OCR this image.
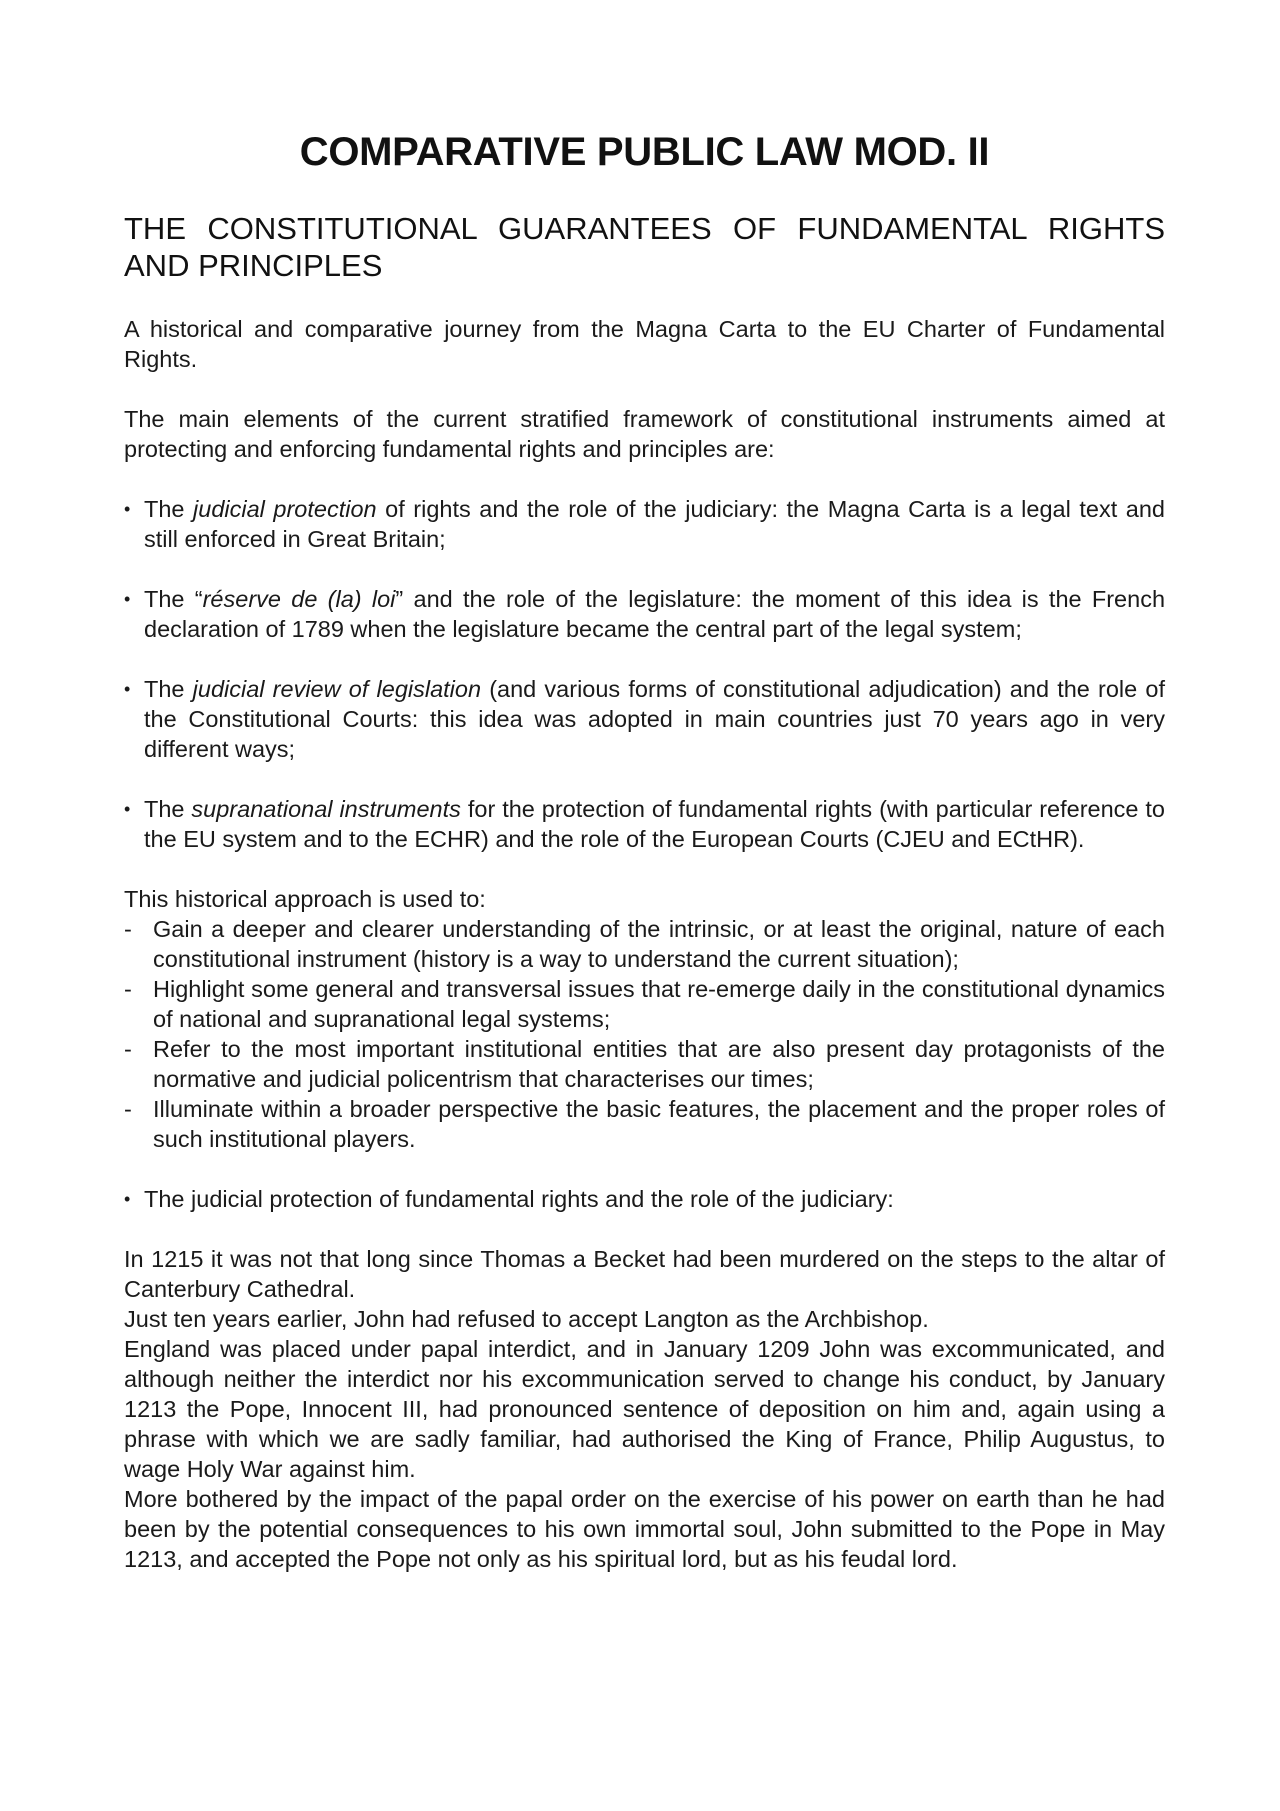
COMPARATIVE PUBLIC LAW MOD. II
THE CONSTITUTIONAL GUARANTEES OF FUNDAMENTAL RIGHTS AND PRINCIPLES

A historical and comparative journey from the Magna Carta to the EU Charter of Fundamental Rights.

The main elements of the current stratified framework of constitutional instruments aimed at protecting and enforcing fundamental rights and principles are:

• The judicial protection of rights and the role of the judiciary: the Magna Carta is a legal text and still enforced in Great Britain;
• The “réserve de (la) loi” and the role of the legislature: the moment of this idea is the French declaration of 1789 when the legislature became the central part of the legal system;
• The judicial review of legislation (and various forms of constitutional adjudication) and the role of the Constitutional Courts: this idea was adopted in main countries just 70 years ago in very different ways;
• The supranational instruments for the protection of fundamental rights (with particular reference to the EU system and to the ECHR) and the role of the European Courts (CJEU and ECtHR).

This historical approach is used to:

- Gain a deeper and clearer understanding of the intrinsic, or at least the original, nature of each constitutional instrument (history is a way to understand the current situation);
- Highlight some general and transversal issues that re-emerge daily in the constitutional dynamics of national and supranational legal systems;
- Refer to the most important institutional entities that are also present day protagonists of the normative and judicial policentrism that characterises our times;
- Illuminate within a broader perspective the basic features, the placement and the proper roles of such institutional players.
• The judicial protection of fundamental rights and the role of the judiciary:

In 1215 it was not that long since Thomas a Becket had been murdered on the steps to the altar of Canterbury Cathedral.

Just ten years earlier, John had refused to accept Langton as the Archbishop.

England was placed under papal interdict, and in January 1209 John was excommunicated, and although neither the interdict nor his excommunication served to change his conduct, by January 1213 the Pope, Innocent III, had pronounced sentence of deposition on him and, again using a phrase with which we are sadly familiar, had authorised the King of France, Philip Augustus, to wage Holy War against him.

More bothered by the impact of the papal order on the exercise of his power on earth than he had been by the potential consequences to his own immortal soul, John submitted to the Pope in May 1213, and accepted the Pope not only as his spiritual lord, but as his feudal lord.
